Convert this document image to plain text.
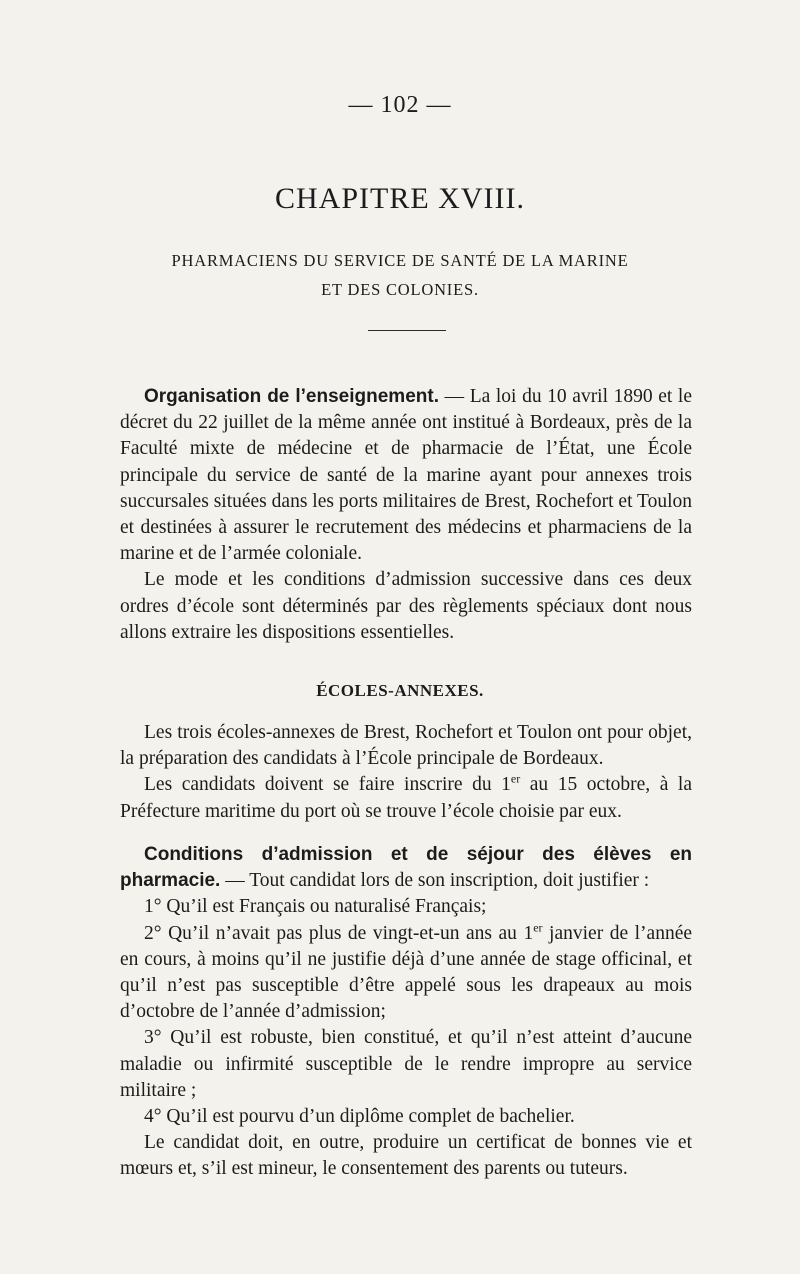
— 102 —
CHAPITRE XVIII.
PHARMACIENS DU SERVICE DE SANTÉ DE LA MARINE
ET DES COLONIES.

Organisation de l’enseignement. — La loi du 10 avril 1890 et le décret du 22 juillet de la même année ont institué à Bordeaux, près de la Faculté mixte de médecine et de pharmacie de l’État, une École principale du service de santé de la marine ayant pour annexes trois succursales situées dans les ports militaires de Brest, Rochefort et Toulon et destinées à assurer le recrutement des médecins et pharmaciens de la marine et de l’armée coloniale.

Le mode et les conditions d’admission successive dans ces deux ordres d’école sont déterminés par des règlements spéciaux dont nous allons extraire les dispositions essentielles.

ÉCOLES-ANNEXES.

Les trois écoles-annexes de Brest, Rochefort et Toulon ont pour objet, la préparation des candidats à l’École principale de Bordeaux.

Les candidats doivent se faire inscrire du 1er au 15 octobre, à la Préfecture maritime du port où se trouve l’école choisie par eux.

Conditions d’admission et de séjour des élèves en pharmacie. — Tout candidat lors de son inscription, doit justifier :

1° Qu’il est Français ou naturalisé Français;

2° Qu’il n’avait pas plus de vingt-et-un ans au 1er janvier de l’année en cours, à moins qu’il ne justifie déjà d’une année de stage officinal, et qu’il n’est pas susceptible d’être appelé sous les drapeaux au mois d’octobre de l’année d’admission;

3° Qu’il est robuste, bien constitué, et qu’il n’est atteint d’aucune maladie ou infirmité susceptible de le rendre impropre au service militaire ;

4° Qu’il est pourvu d’un diplôme complet de bachelier.

Le candidat doit, en outre, produire un certificat de bonnes vie et mœurs et, s’il est mineur, le consentement des parents ou tuteurs.
